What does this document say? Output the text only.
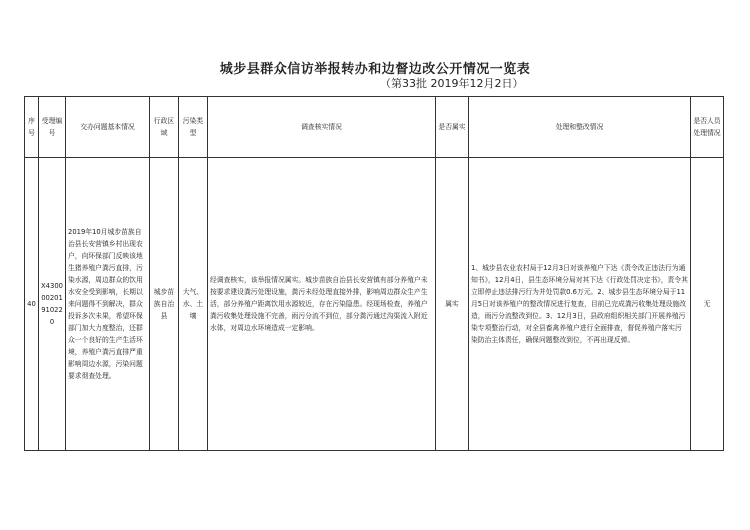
城步县群众信访举报转办和边督边改公开情况一览表
（第33批 2019年12月2日）
序号	受理编号	交办问题基本情况	行政区域	污染类型	调查核实情况	是否属实	处理和整改情况	是否人员处理情况
40	X430000201910220	2019年10月城步苗族自治县长安营镇乡村出现农户，向环保部门反映该地生猪养殖户粪污直排，污染水源，周边群众的饮用水安全受到影响，长期以来问题得不到解决，群众投诉多次未果，希望环保部门加大力度整治，还群众一个良好的生产生活环境，养殖户粪污直排严重影响周边水源，污染问题要求彻查处理。	城步苗族自治县	大气、水、土壤	经调查核实，该举报情况属实。城步苗族自治县长安营镇有部分养殖户未按要求建设粪污处理设施，粪污未经处理直接外排，影响周边群众生产生活，部分养殖户距离饮用水源较近，存在污染隐患。经现场检查，养殖户粪污收集处理设施不完善，雨污分流不到位，部分粪污通过沟渠流入附近水体，对周边水环境造成一定影响。	属实	1、城步县农业农村局于12月3日对该养殖户下达《责令改正违法行为通知书》，12月4日，县生态环境分局对其下达《行政处罚决定书》，责令其立即停止违法排污行为并处罚款0.6万元。2、城步县生态环境分局于11月5日对该养殖户的整改情况进行复查，目前已完成粪污收集处理设施改造，雨污分流整改到位。3、12月3日，县政府组织相关部门开展养殖污染专项整治行动，对全县畜禽养殖户进行全面排查，督促养殖户落实污染防治主体责任，确保问题整改到位，不再出现反弹。	无
